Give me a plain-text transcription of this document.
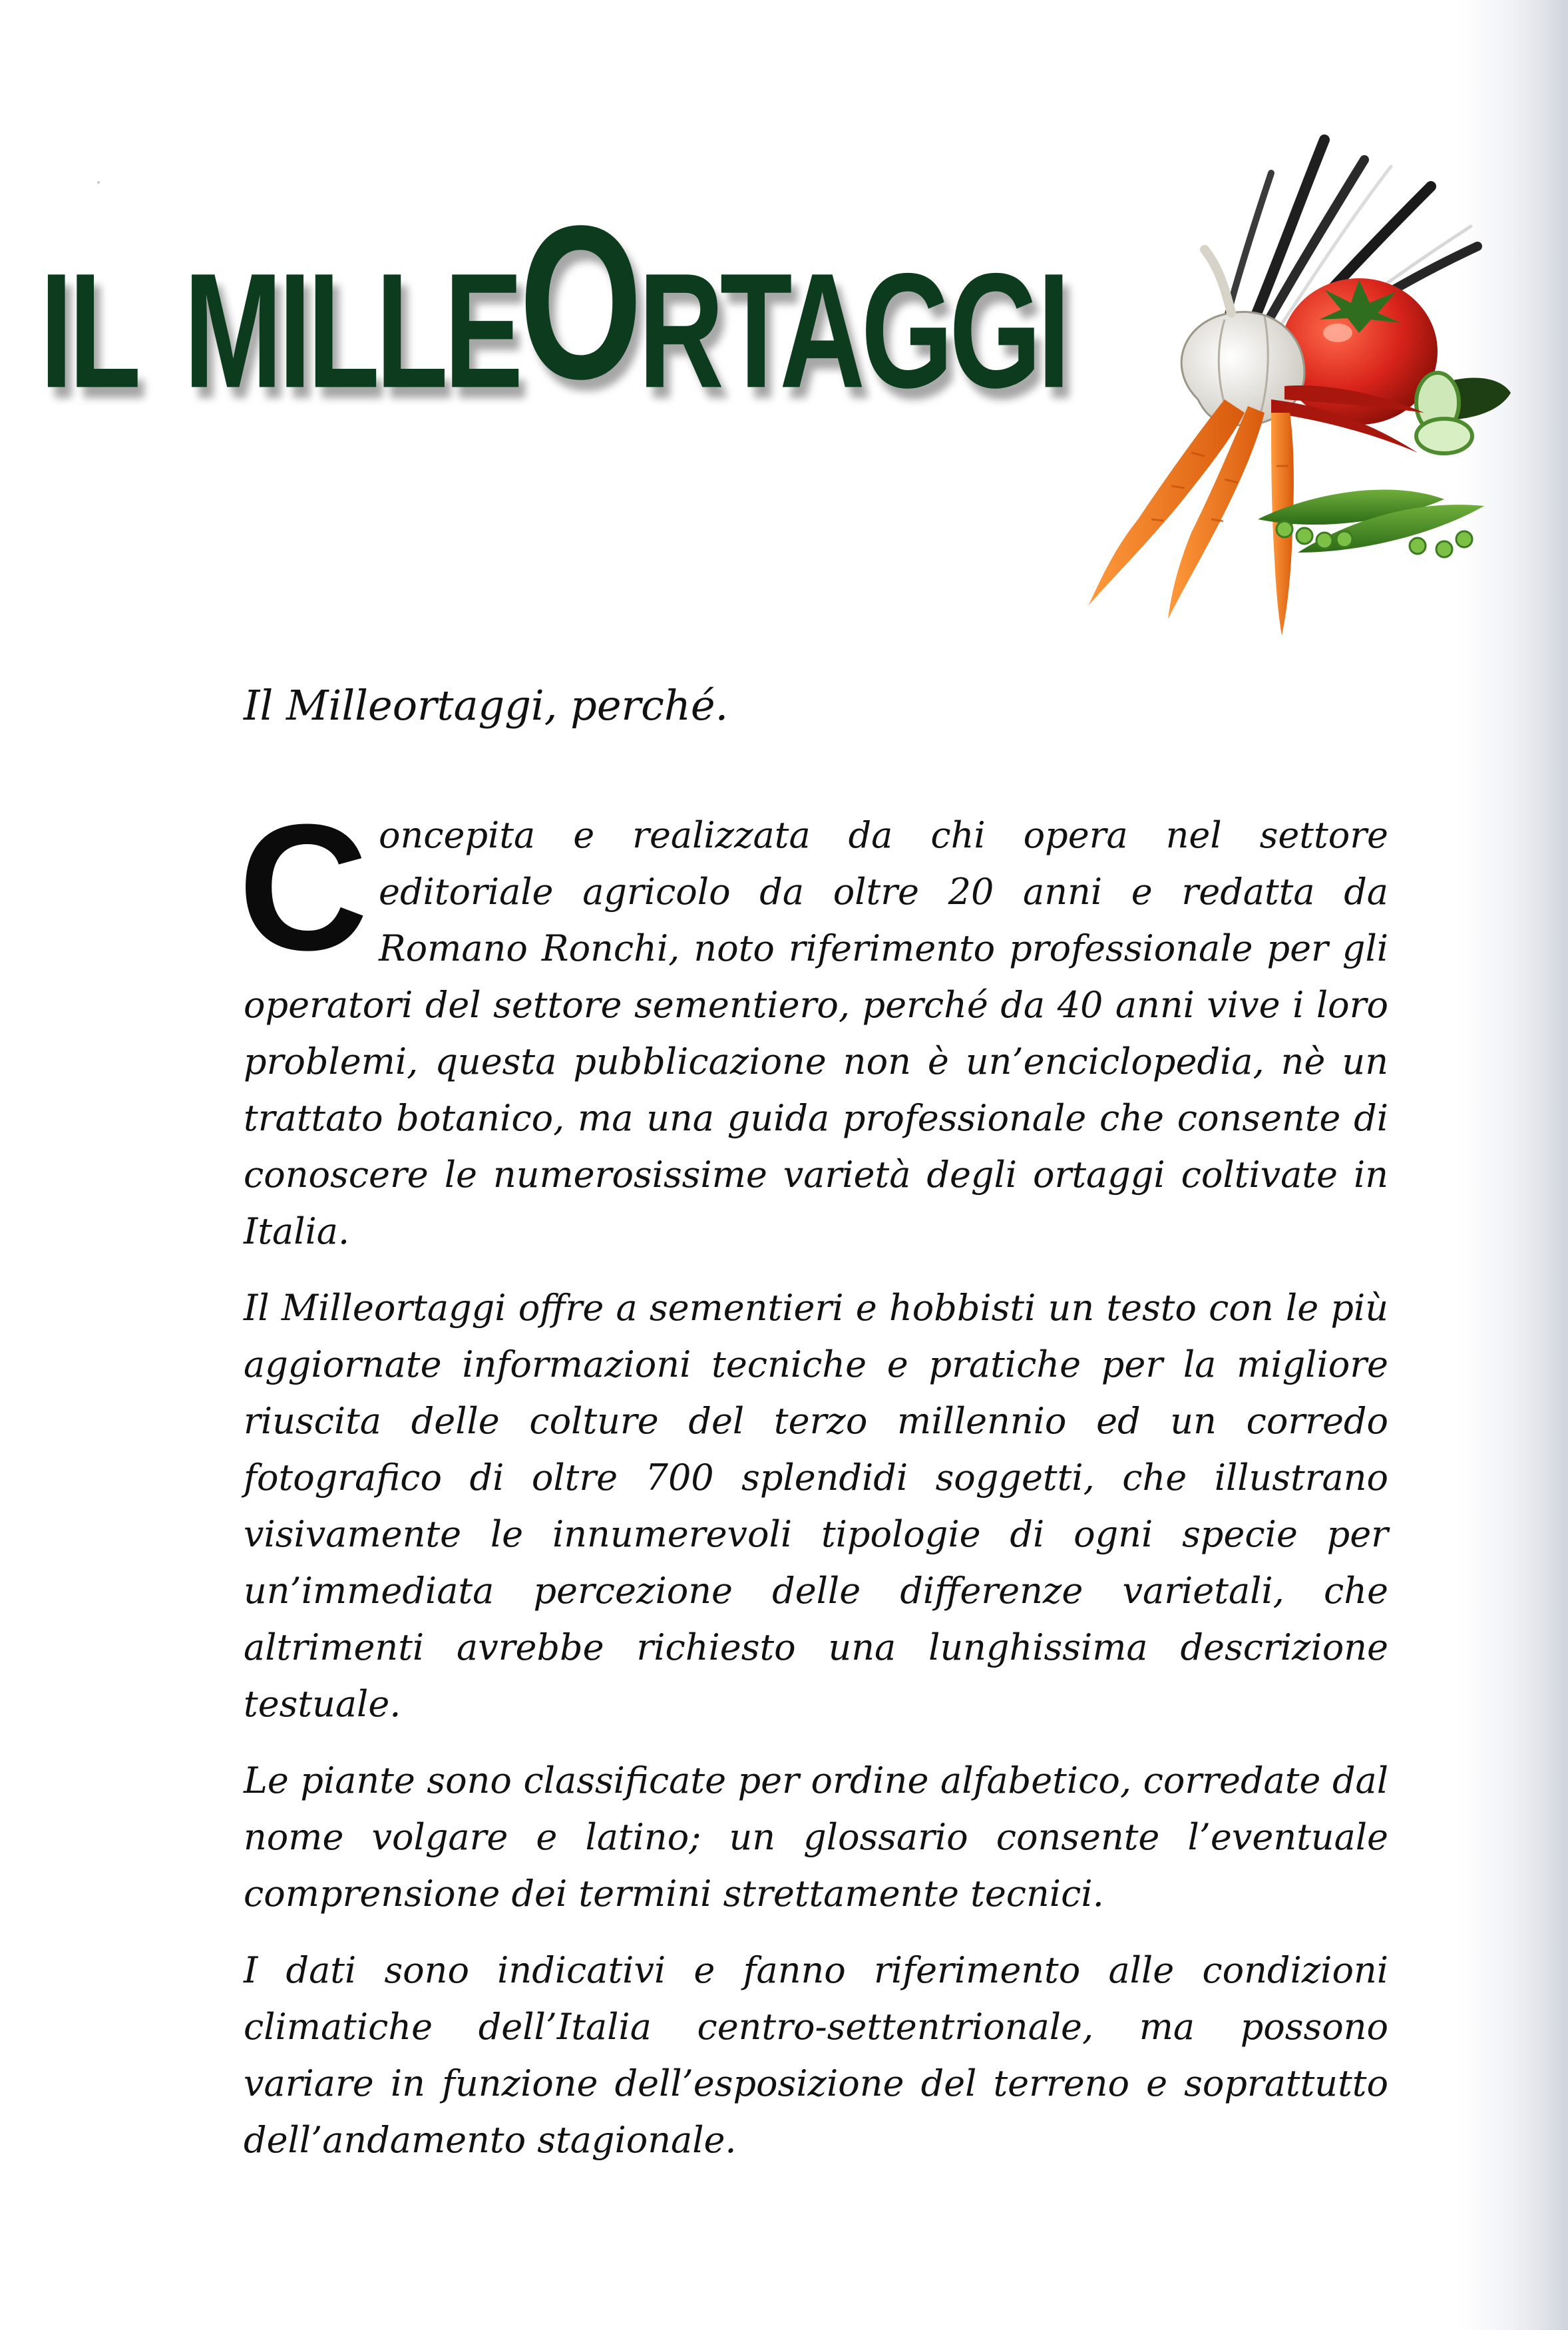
IL MILLE O RTAGGI

Il Milleortaggi, perché.

C oncepita e realizzata da chi opera nel settore editoriale agricolo da oltre 20 anni e redatta da Romano Ronchi, noto riferimento professionale per gli operatori del settore sementiero, perché da 40 anni vive i loro problemi, questa pubblicazione non è un’enciclopedia, nè un trattato botanico, ma una guida professionale che consente di conoscere le numerosissime varietà degli ortaggi coltivate in Italia.

Il Milleortaggi offre a sementieri e hobbisti un testo con le più aggiornate informazioni tecniche e pratiche per la migliore riuscita delle colture del terzo millennio ed un corredo fotografico di oltre 700 splendidi soggetti, che illustrano visivamente le innumerevoli tipologie di ogni specie per un’immediata percezione delle differenze varietali, che altrimenti avrebbe richiesto una lunghissima descrizione testuale.

Le piante sono classificate per ordine alfabetico, corredate dal nome volgare e latino; un glossario consente l’eventuale comprensione dei termini strettamente tecnici.

I dati sono indicativi e fanno riferimento alle condizioni climatiche dell’Italia centro-settentrionale, ma possono variare in funzione dell’esposizione del terreno e soprattutto dell’andamento stagionale.
